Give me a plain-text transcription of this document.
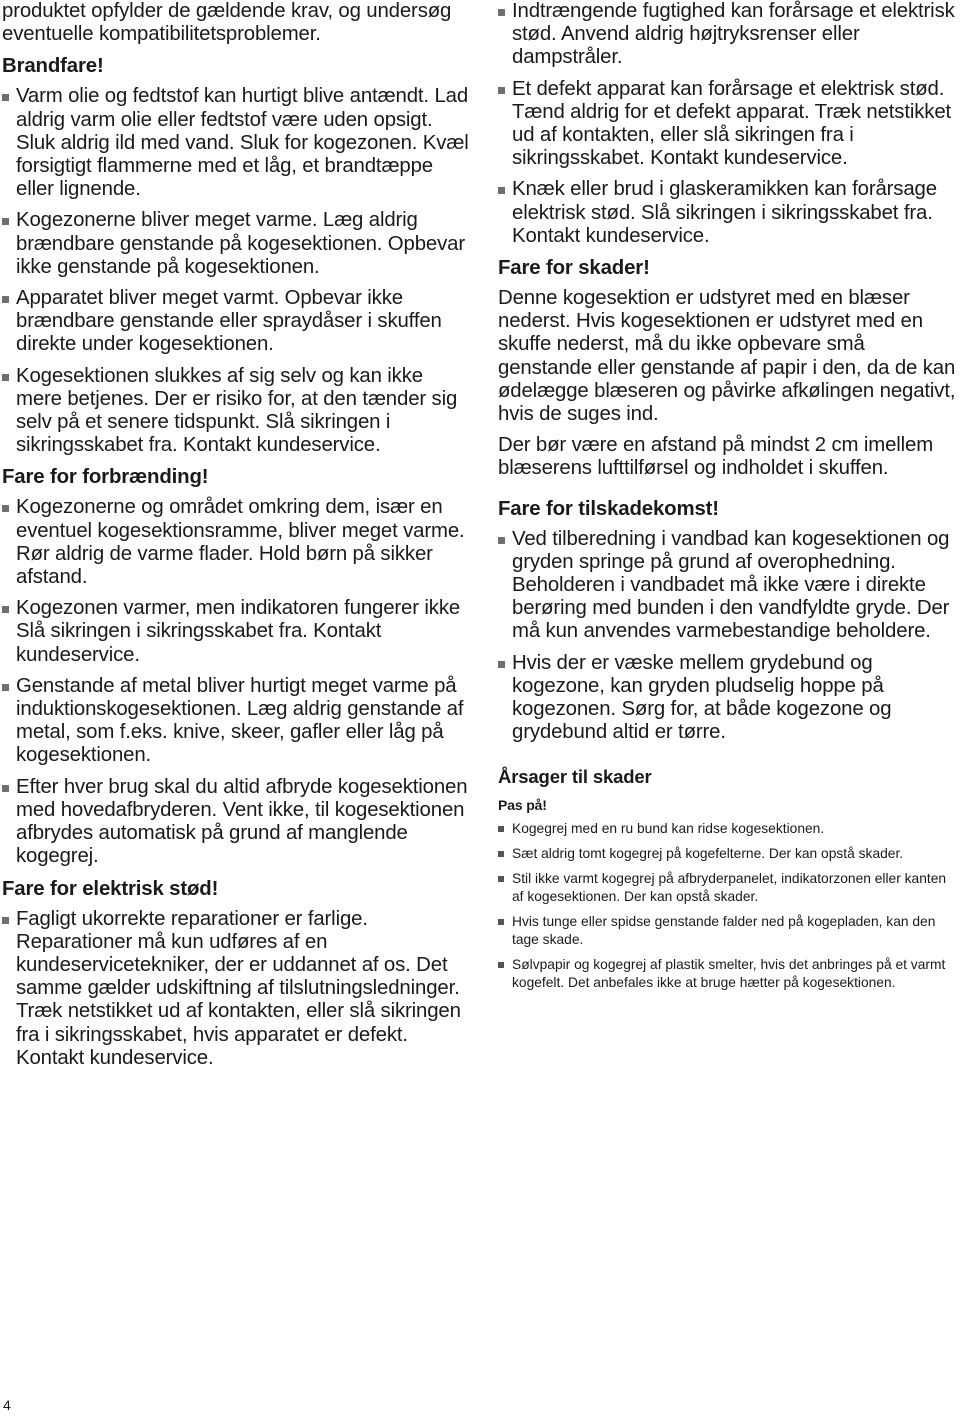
produktet opfylder de gældende krav, og undersøg eventuelle kompatibilitetsproblemer.

Brandfare!
Varm olie og fedtstof kan hurtigt blive antændt. Lad aldrig varm olie eller fedtstof være uden opsigt. Sluk aldrig ild med vand. Sluk for kogezonen. Kvæl forsigtigt flammerne med et låg, et brandtæppe eller lignende.
Kogezonerne bliver meget varme. Læg aldrig brændbare genstande på kogesektionen. Opbevar ikke genstande på kogesektionen.
Apparatet bliver meget varmt. Opbevar ikke brændbare genstande eller spraydåser i skuffen direkte under kogesektionen.
Kogesektionen slukkes af sig selv og kan ikke mere betjenes. Der er risiko for, at den tænder sig selv på et senere tidspunkt. Slå sikringen i sikringsskabet fra. Kontakt kundeservice.
Fare for forbrænding!
Kogezonerne og området omkring dem, især en eventuel kogesektionsramme, bliver meget varme. Rør aldrig de varme flader. Hold børn på sikker afstand.
Kogezonen varmer, men indikatoren fungerer ikke Slå sikringen i sikringsskabet fra. Kontakt kundeservice.
Genstande af metal bliver hurtigt meget varme på induktionskogesektionen. Læg aldrig genstande af metal, som f.eks. knive, skeer, gafler eller låg på kogesektionen.
Efter hver brug skal du altid afbryde kogesektionen med hovedafbryderen. Vent ikke, til kogesektionen afbrydes automatisk på grund af manglende kogegrej.
Fare for elektrisk stød!
Fagligt ukorrekte reparationer er farlige. Reparationer må kun udføres af en kundeservicetekniker, der er uddannet af os. Det samme gælder udskiftning af tilslutningsledninger. Træk netstikket ud af kontakten, eller slå sikringen fra i sikringsskabet, hvis apparatet er defekt. Kontakt kundeservice.
Indtrængende fugtighed kan forårsage et elektrisk stød. Anvend aldrig højtryksrenser eller dampstråler.
Et defekt apparat kan forårsage et elektrisk stød. Tænd aldrig for et defekt apparat. Træk netstikket ud af kontakten, eller slå sikringen fra i sikringsskabet. Kontakt kundeservice.
Knæk eller brud i glaskeramikken kan forårsage elektrisk stød. Slå sikringen i sikringsskabet fra. Kontakt kundeservice.
Fare for skader!

Denne kogesektion er udstyret med en blæser nederst. Hvis kogesektionen er udstyret med en skuffe nederst, må du ikke opbevare små genstande eller genstande af papir i den, da de kan ødelægge blæseren og påvirke afkølingen negativt, hvis de suges ind.

Der bør være en afstand på mindst 2 cm imellem blæserens lufttilførsel og indholdet i skuffen.

Fare for tilskadekomst!
Ved tilberedning i vandbad kan kogesektionen og gryden springe på grund af overophedning. Beholderen i vandbadet må ikke være i direkte berøring med bunden i den vandfyldte gryde. Der må kun anvendes varmebestandige beholdere.
Hvis der er væske mellem grydebund og kogezone, kan gryden pludselig hoppe på kogezonen. Sørg for, at både kogezone og grydebund altid er tørre.
Årsager til skader

Pas på!

Kogegrej med en ru bund kan ridse kogesektionen.
Sæt aldrig tomt kogegrej på kogefelterne. Der kan opstå skader.
Stil ikke varmt kogegrej på afbryderpanelet, indikatorzonen eller kanten af kogesektionen. Der kan opstå skader.
Hvis tunge eller spidse genstande falder ned på kogepladen, kan den tage skade.
Sølvpapir og kogegrej af plastik smelter, hvis det anbringes på et varmt kogefelt. Det anbefales ikke at bruge hætter på kogesektionen.
4
